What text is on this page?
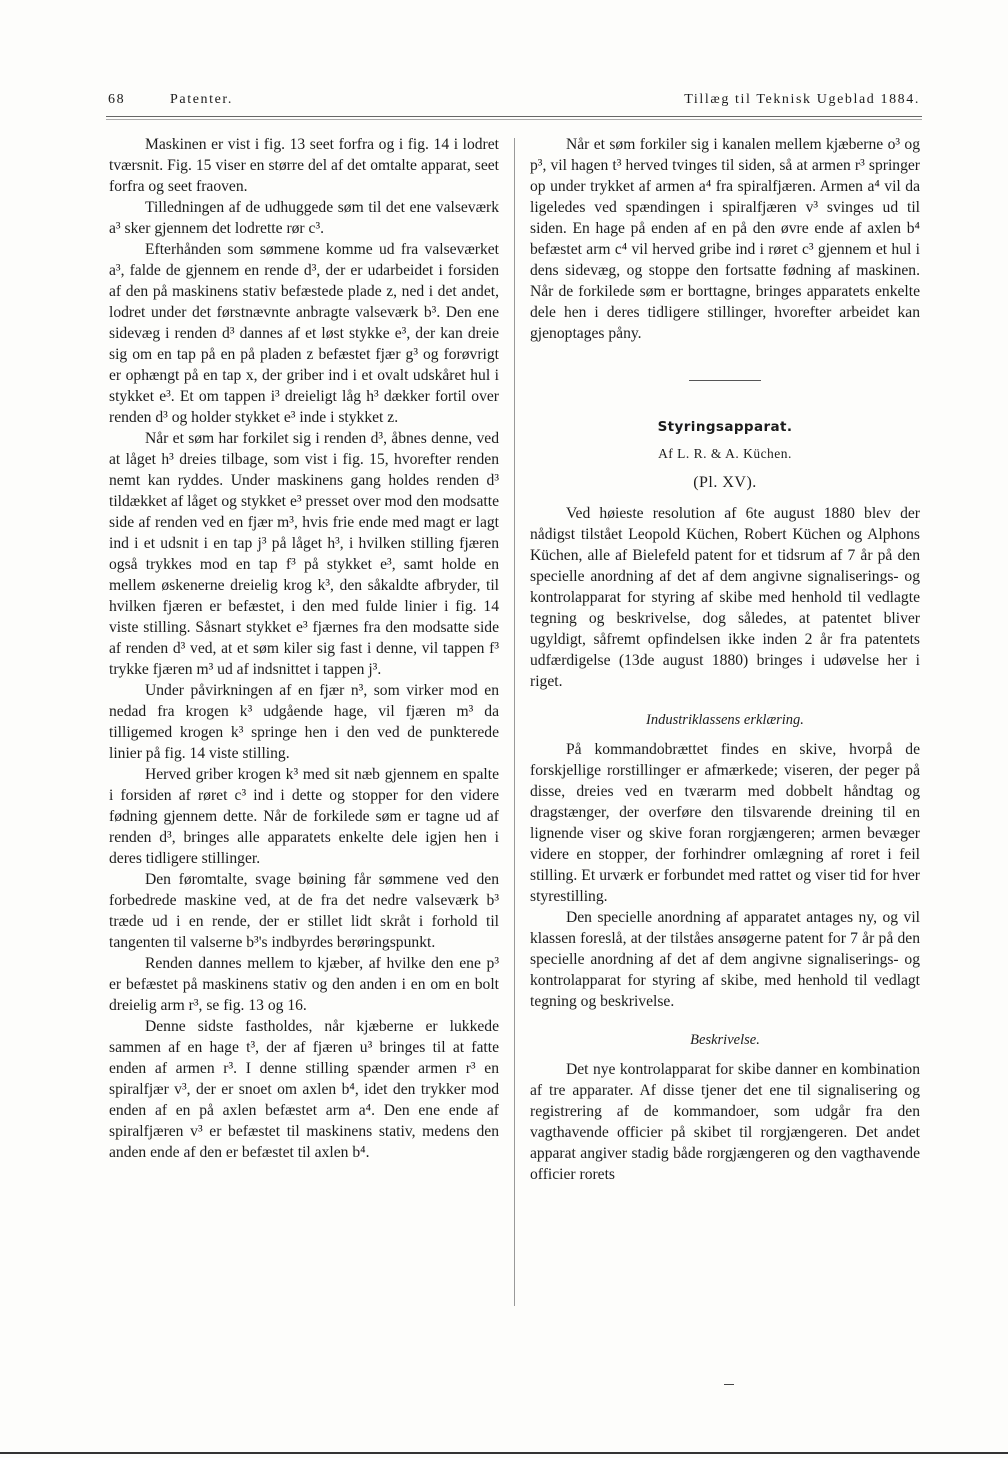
68	Patenter.	Tillæg til Teknisk Ugeblad 1884.

Maskinen er vist i fig. 13 seet forfra og i fig. 14 i lodret tværsnit. Fig. 15 viser en større del af det omtalte apparat, seet forfra og seet fraoven.

Tilledningen af de udhuggede søm til det ene valseværk a³ sker gjennem det lodrette rør c³.

Efterhånden som sømmene komme ud fra valseværket a³, falde de gjennem en rende d³, der er udarbeidet i forsiden af den på maskinens stativ befæstede plade z, ned i det andet, lodret under det førstnævnte anbragte valseværk b³. Den ene sidevæg i renden d³ dannes af et løst stykke e³, der kan dreie sig om en tap på en på pladen z befæstet fjær g³ og forøvrigt er ophængt på en tap x, der griber ind i et ovalt udskåret hul i stykket e³. Et om tappen i³ dreieligt låg h³ dækker fortil over renden d³ og holder stykket e³ inde i stykket z.

Når et søm har forkilet sig i renden d³, åbnes denne, ved at låget h³ dreies tilbage, som vist i fig. 15, hvorefter renden nemt kan ryddes. Under maskinens gang holdes renden d³ tildækket af låget og stykket e³ presset over mod den modsatte side af renden ved en fjær m³, hvis frie ende med magt er lagt ind i et udsnit i en tap j³ på låget h³, i hvilken stilling fjæren også trykkes mod en tap f³ på stykket e³, samt holde en mellem øskenerne dreielig krog k³, den såkaldte afbryder, til hvilken fjæren er befæstet, i den med fulde linier i fig. 14 viste stilling. Såsnart stykket e³ fjærnes fra den modsatte side af renden d³ ved, at et søm kiler sig fast i denne, vil tappen f³ trykke fjæren m³ ud af indsnittet i tappen j³.

Under påvirkningen af en fjær n³, som virker mod en nedad fra krogen k³ udgående hage, vil fjæren m³ da tilligemed krogen k³ springe hen i den ved de punkterede linier på fig. 14 viste stilling.

Herved griber krogen k³ med sit næb gjennem en spalte i forsiden af røret c³ ind i dette og stopper for den videre fødning gjennem dette. Når de forkilede søm er tagne ud af renden d³, bringes alle apparatets enkelte dele igjen hen i deres tidligere stillinger.

Den føromtalte, svage bøining får sømmene ved den forbedrede maskine ved, at de fra det nedre valseværk b³ træde ud i en rende, der er stillet lidt skråt i forhold til tangenten til valserne b³'s indbyrdes berøringspunkt.

Renden dannes mellem to kjæber, af hvilke den ene p³ er befæstet på maskinens stativ og den anden i en om en bolt dreielig arm r³, se fig. 13 og 16.

Denne sidste fastholdes, når kjæberne er lukkede sammen af en hage t³, der af fjæren u³ bringes til at fatte enden af armen r³. I denne stilling spænder armen r³ en spiralfjær v³, der er snoet om axlen b⁴, idet den trykker mod enden af en på axlen befæstet arm a⁴. Den ene ende af spiralfjæren v³ er befæstet til maskinens stativ, medens den anden ende af den er befæstet til axlen b⁴.

Når et søm forkiler sig i kanalen mellem kjæberne o³ og p³, vil hagen t³ herved tvinges til siden, så at armen r³ springer op under trykket af armen a⁴ fra spiralfjæren. Armen a⁴ vil da ligeledes ved spændingen i spiralfjæren v³ svinges ud til siden. En hage på enden af en på den øvre ende af axlen b⁴ befæstet arm c⁴ vil herved gribe ind i røret c³ gjennem et hul i dens sidevæg, og stoppe den fortsatte fødning af maskinen. Når de forkilede søm er borttagne, bringes apparatets enkelte dele hen i deres tidligere stillinger, hvorefter arbeidet kan gjenoptages påny.

Styringsapparat.
Af L. R. & A. Küchen.
(Pl. XV).

Ved høieste resolution af 6te august 1880 blev der nådigst tilstået Leopold Küchen, Robert Küchen og Alphons Küchen, alle af Bielefeld patent for et tidsrum af 7 år på den specielle anordning af det af dem angivne signaliserings- og kontrolapparat for styring af skibe med henhold til vedlagte tegning og beskrivelse, dog således, at patentet bliver ugyldigt, såfremt opfindelsen ikke inden 2 år fra patentets udfærdigelse (13de august 1880) bringes i udøvelse her i riget.

Industriklassens erklæring.

På kommandobrættet findes en skive, hvorpå de forskjellige rorstillinger er afmærkede; viseren, der peger på disse, dreies ved en tværarm med dobbelt håndtag og dragstænger, der overføre den tilsvarende dreining til en lignende viser og skive foran rorgjængeren; armen bevæger videre en stopper, der forhindrer omlægning af roret i feil stilling. Et urværk er forbundet med rattet og viser tid for hver styrestilling.

Den specielle anordning af apparatet antages ny, og vil klassen foreslå, at der tilståes ansøgerne patent for 7 år på den specielle anordning af det af dem angivne signaliserings- og kontrolapparat for styring af skibe, med henhold til vedlagt tegning og beskrivelse.

Beskrivelse.

Det nye kontrolapparat for skibe danner en kombination af tre apparater. Af disse tjener det ene til signalisering og registrering af de kommandoer, som udgår fra den vagthavende officier på skibet til rorgjængeren. Det andet apparat angiver stadig både rorgjængeren og den vagthavende officier rorets
